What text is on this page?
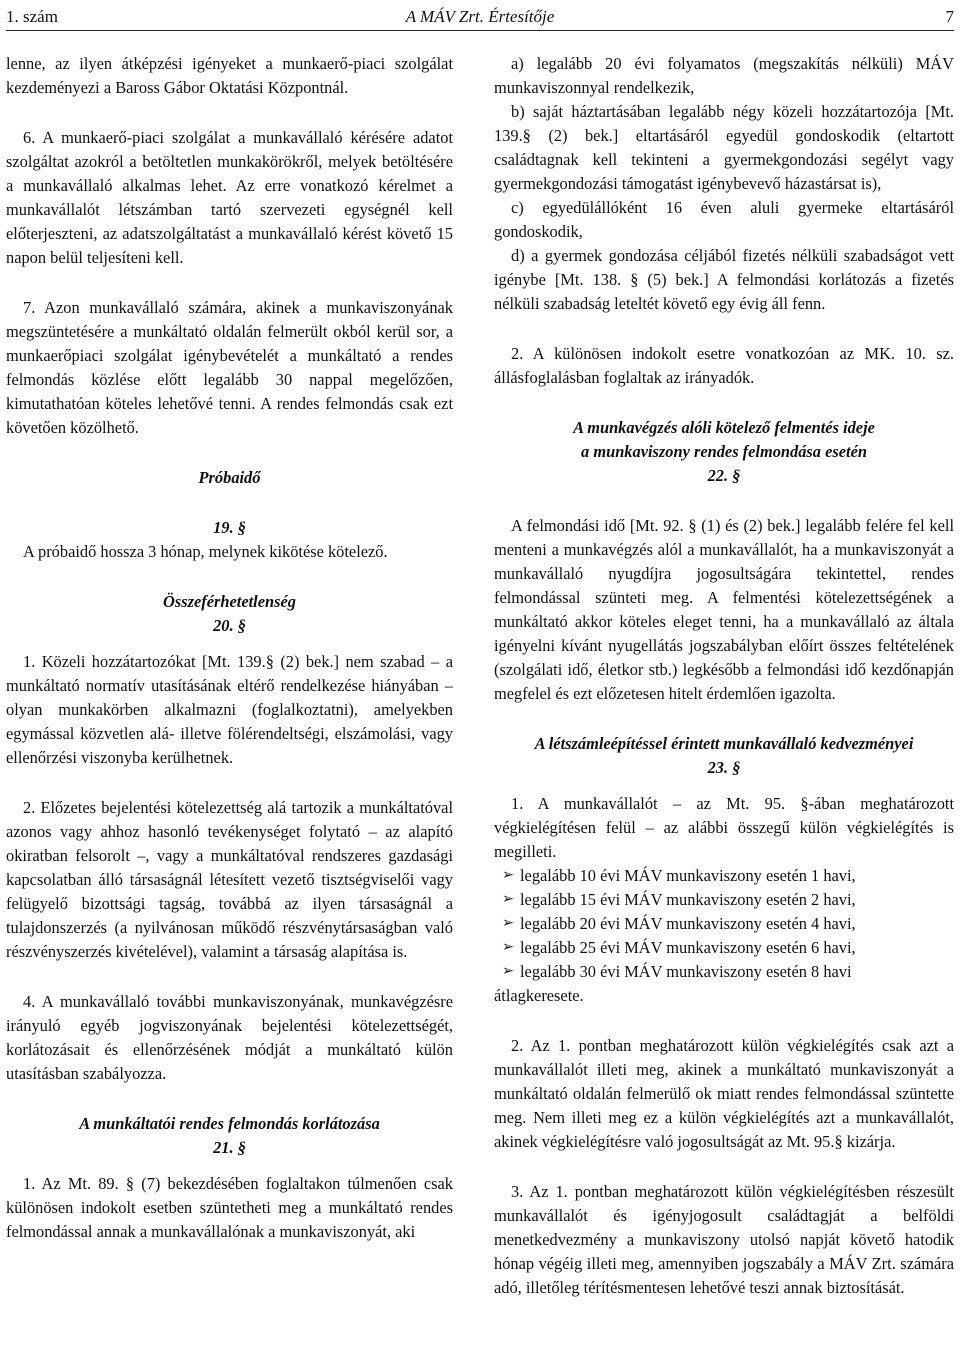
1. szám	A MÁV Zrt. Értesítője	7

lenne, az ilyen átképzési igényeket a munkaerő-piaci szolgálat kezdeményezi a Baross Gábor Oktatási Központnál.

6. A munkaerő-piaci szolgálat a munkavállaló kérésére adatot szolgáltat azokról a betöltetlen munkakörökről, melyek betöltésére a munkavállaló alkalmas lehet. Az erre vonatkozó kérelmet a munkavállalót létszámban tartó szervezeti egységnél kell előterjeszteni, az adatszolgáltatást a munkavállaló kérést követő 15 napon belül teljesíteni kell.

7. Azon munkavállaló számára, akinek a munkaviszonyának megszüntetésére a munkáltató oldalán felmerült okból kerül sor, a munkaerőpiaci szolgálat igénybevételét a munkáltató a rendes felmondás közlése előtt legalább 30 nappal megelőzően, kimutathatóan köteles lehetővé tenni. A rendes felmondás csak ezt követően közölhető.

Próbaidő

19. §

A próbaidő hossza 3 hónap, melynek kikötése kötelező.

Összeférhetetlenség

20. §

1. Közeli hozzátartozókat [Mt. 139.§ (2) bek.] nem szabad – a munkáltató normatív utasításának eltérő rendelkezése hiányában – olyan munkakörben alkalmazni (foglalkoztatni), amelyekben egymással közvetlen alá- illetve fölérendeltségi, elszámolási, vagy ellenőrzési viszonyba kerülhetnek.

2. Előzetes bejelentési kötelezettség alá tartozik a munkáltatóval azonos vagy ahhoz hasonló tevékenységet folytató – az alapító okiratban felsorolt –, vagy a munkáltatóval rendszeres gazdasági kapcsolatban álló társaságnál létesített vezető tisztségviselői vagy felügyelő bizottsági tagság, továbbá az ilyen társaságnál a tulajdonszerzés (a nyilvánosan működő részvénytársaságban való részvényszerzés kivételével), valamint a társaság alapítása is.

4. A munkavállaló további munkaviszonyának, munkavégzésre irányuló egyéb jogviszonyának bejelentési kötelezettségét, korlátozásait és ellenőrzésének módját a munkáltató külön utasításban szabályozza.

A munkáltatói rendes felmondás korlátozása

21. §

1. Az Mt. 89. § (7) bekezdésében foglaltakon túlmenően csak különösen indokolt esetben szüntetheti meg a munkáltató rendes felmondással annak a munkavállalónak a munkaviszonyát, aki

a) legalább 20 évi folyamatos (megszakítás nélküli) MÁV munkaviszonnyal rendelkezik,

b) saját háztartásában legalább négy közeli hozzátartozója [Mt. 139.§ (2) bek.] eltartásáról egyedül gondoskodik (eltartott családtagnak kell tekinteni a gyermekgondozási segélyt vagy gyermekgondozási támogatást igénybevevő házastársat is),

c) egyedülállóként 16 éven aluli gyermeke eltartásáról gondoskodik,

d) a gyermek gondozása céljából fizetés nélküli szabadságot vett igénybe [Mt. 138. § (5) bek.] A felmondási korlátozás a fizetés nélküli szabadság leteltét követő egy évig áll fenn.

2. A különösen indokolt esetre vonatkozóan az MK. 10. sz. állásfoglalásban foglaltak az irányadók.

A munkavégzés alóli kötelező felmentés ideje

a munkaviszony rendes felmondása esetén

22. §

A felmondási idő [Mt. 92. § (1) és (2) bek.] legalább felére fel kell menteni a munkavégzés alól a munkavállalót, ha a munkaviszonyát a munkavállaló nyugdíjra jogosultságára tekintettel, rendes felmondással szünteti meg. A felmentési kötelezettségének a munkáltató akkor köteles eleget tenni, ha a munkavállaló az általa igényelni kívánt nyugellátás jogszabályban előírt összes feltételének (szolgálati idő, életkor stb.) legkésőbb a felmondási idő kezdőnapján megfelel és ezt előzetesen hitelt érdemlően igazolta.

A létszámleépítéssel érintett munkavállaló kedvezményei

23. §

1. A munkavállalót – az Mt. 95. §-ában meghatározott végkielégítésen felül – az alábbi összegű külön végkielégítés is megilleti.

➢ legalább 10 évi MÁV munkaviszony esetén 1 havi,
➢ legalább 15 évi MÁV munkaviszony esetén 2 havi,
➢ legalább 20 évi MÁV munkaviszony esetén 4 havi,
➢ legalább 25 évi MÁV munkaviszony esetén 6 havi,
➢ legalább 30 évi MÁV munkaviszony esetén 8 havi

átlagkeresete.

2. Az 1. pontban meghatározott külön végkielégítés csak azt a munkavállalót illeti meg, akinek a munkáltató munkaviszonyát a munkáltató oldalán felmerülő ok miatt rendes felmondással szüntette meg. Nem illeti meg ez a külön végkielégítés azt a munkavállalót, akinek végkielégítésre való jogosultságát az Mt. 95.§ kizárja.

3. Az 1. pontban meghatározott külön végkielégítésben részesült munkavállalót és igényjogosult családtagját a belföldi menetkedvezmény a munkaviszony utolsó napját követő hatodik hónap végéig illeti meg, amennyiben jogszabály a MÁV Zrt. számára adó, illetőleg térítésmentesen lehetővé teszi annak biztosítását.
